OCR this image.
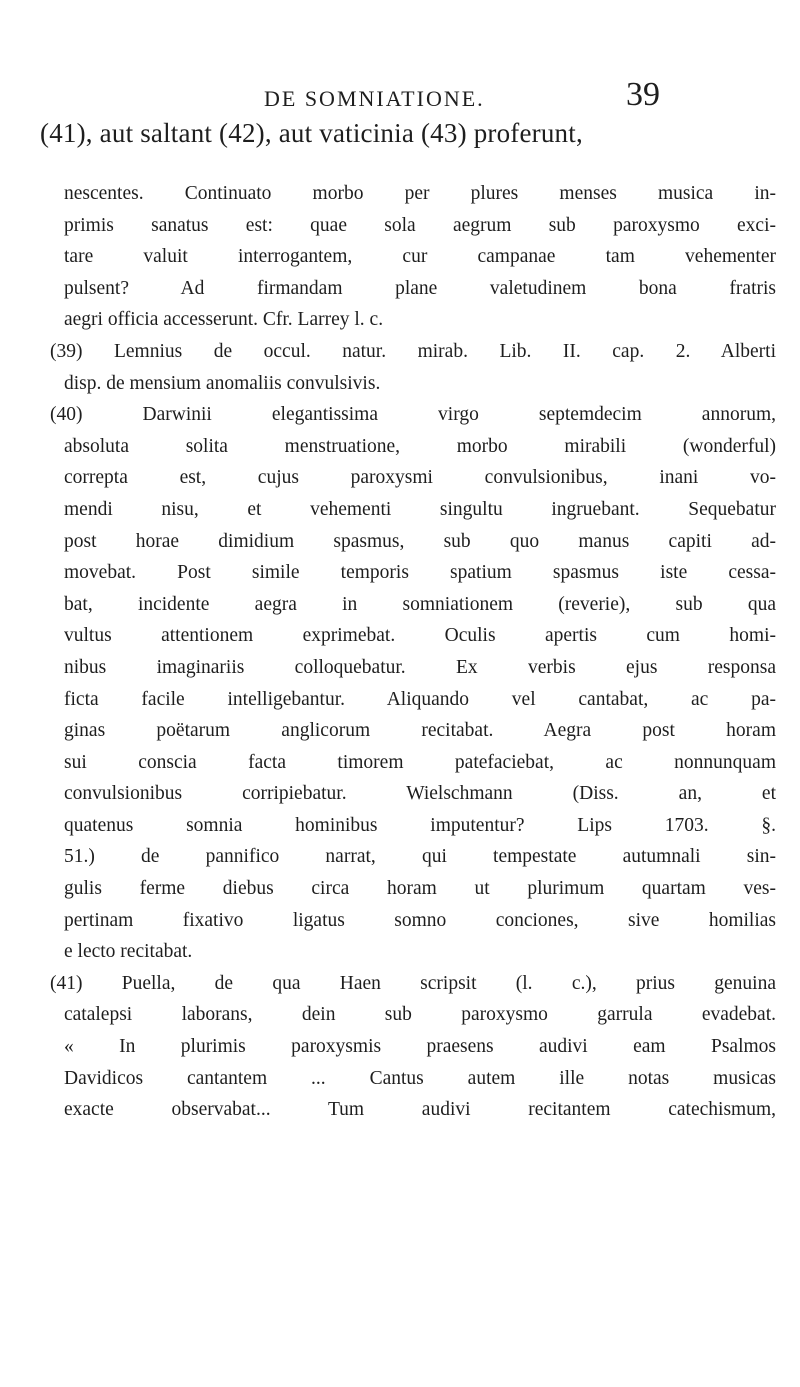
DE SOMNIATIONE.	39
(41), aut saltant (42), aut vaticinia (43) proferunt,
nescentes. Continuato morbo per plures menses musica in-
primis sanatus est: quae sola aegrum sub paroxysmo exci-
tare valuit interrogantem, cur campanae tam vehementer
pulsent? Ad firmandam plane valetudinem bona fratris
aegri officia accesserunt. Cfr. Larrey l. c.
(39) Lemnius de occul. natur. mirab. Lib. II. cap. 2. Alberti
disp. de mensium anomaliis convulsivis.
(40) Darwinii elegantissima virgo septemdecim annorum,
absoluta solita menstruatione, morbo mirabili (wonderful)
correpta est, cujus paroxysmi convulsionibus, inani vo-
mendi nisu, et vehementi singultu ingruebant. Sequebatur
post horae dimidium spasmus, sub quo manus capiti ad-
movebat. Post simile temporis spatium spasmus iste cessa-
bat, incidente aegra in somniationem (reverie), sub qua
vultus attentionem exprimebat. Oculis apertis cum homi-
nibus imaginariis colloquebatur. Ex verbis ejus responsa
ficta facile intelligebantur. Aliquando vel cantabat, ac pa-
ginas poëtarum anglicorum recitabat. Aegra post horam
sui conscia facta timorem patefaciebat, ac nonnunquam
convulsionibus corripiebatur. Wielschmann (Diss. an, et
quatenus somnia hominibus imputentur? Lips 1703. §.
51.) de pannifico narrat, qui tempestate autumnali sin-
gulis ferme diebus circa horam ut plurimum quartam ves-
pertinam fixativo ligatus somno conciones, sive homilias
e lecto recitabat.
(41) Puella, de qua Haen scripsit (l. c.), prius genuina
catalepsi laborans, dein sub paroxysmo garrula evadebat.
« In plurimis paroxysmis praesens audivi eam Psalmos
Davidicos cantantem ... Cantus autem ille notas musicas
exacte observabat... Tum audivi recitantem catechismum,
